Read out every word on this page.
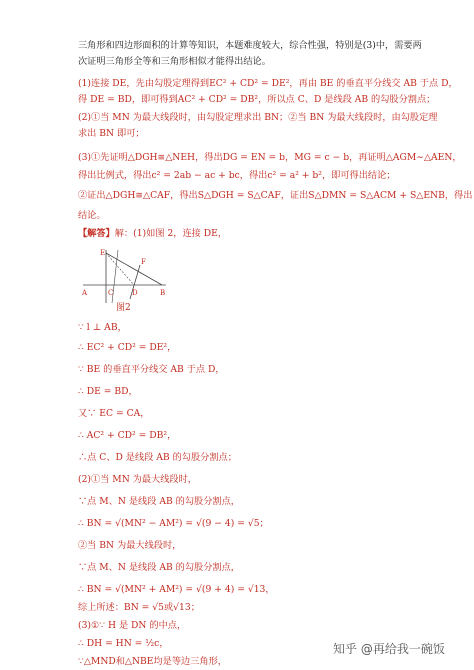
三角形和四边形面积的计算等知识，本题难度较大，综合性强，特别是(3)中，需要两
次证明三角形全等和三角形相似才能得出结论。
(1)连接 DE，先由勾股定理得到EC² + CD² = DE²，再由 BE 的垂直平分线交 AB 于点 D，
得 DE = BD，即可得到AC² + CD² = DB²，所以点 C、D 是线段 AB 的勾股分割点；
(2)①当 MN 为最大线段时，由勾股定理求出 BN；②当 BN 为最大线段时，由勾股定理
求出 BN 即可；
(3)①先证明△DGH≅△NEH，得出DG = EN = b，MG = c − b，再证明△AGM∼△AEN，
得出比例式，得出c² = 2ab − ac + bc，得出c² = a² + b²，即可得出结论；
②证出△DGH≅△CAF，得出S△DGH = S△CAF，证出S△DMN = S△ACM + S△ENB，得出
结论。
【解答】解：(1)如图 2，连接 DE，
E
F
C	D
A	B
图2
∵ l ⊥ AB，
∴ EC² + CD² = DE²，
∵ BE 的垂直平分线交 AB 于点 D，
∴ DE = BD，
又∵ EC = CA，
∴ AC² + CD² = DB²，
∴点 C、D 是线段 AB 的勾股分割点；
(2)①当 MN 为最大线段时，
∵点 M、N 是线段 AB 的勾股分割点，
∴ BN = √(MN² − AM²) = √(9 − 4) = √5；
②当 BN 为最大线段时，
∵点 M、N 是线段 AB 的勾股分割点，
∴ BN = √(MN² + AM²) = √(9 + 4) = √13，
综上所述：BN = √5或√13；
(3)①∵ H 是 DN 的中点，
∴ DH = HN = ½c，
∵△MND和△NBE均是等边三角形，
知乎 @再给我一碗饭
